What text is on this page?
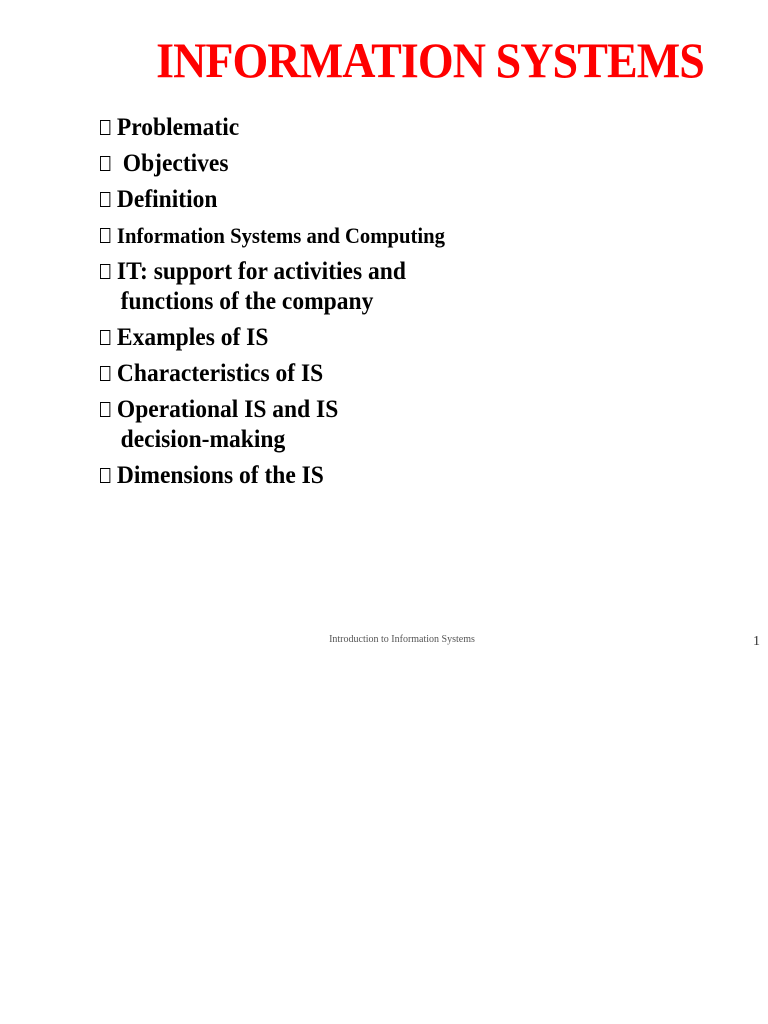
INFORMATION SYSTEMS
Problematic
Objectives
Definition
Information Systems and Computing
IT: support for activities and
functions of the company
Examples of IS
Characteristics of IS
Operational IS and IS
decision-making
Dimensions of the IS
Introduction to Information Systems	1
